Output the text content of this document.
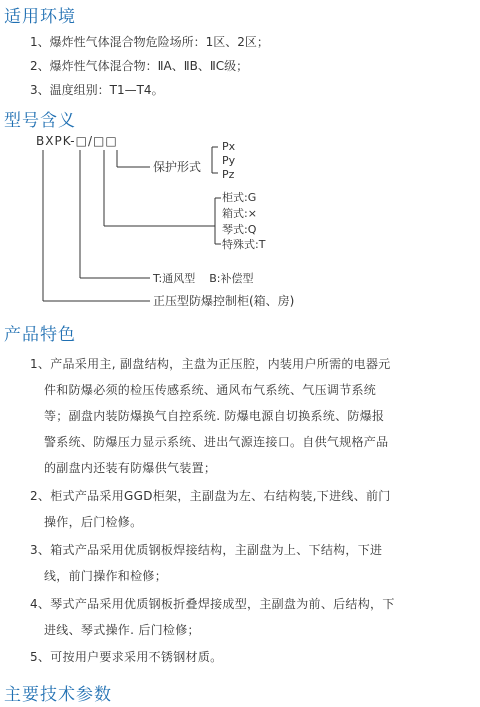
适用环境
1、爆炸性气体混合物危险场所：1区、2区；
2、爆炸性气体混合物：ⅡA、ⅡB、ⅡC级；
3、温度组别：T1—T4。
型号含义
BXPK-□/□□
保护形式
Px
Py
Pz
柜式:G
箱式:×
琴式:Q
特殊式:T
T:通风型    B:补偿型
正压型防爆控制柜(箱、房)
产品特色
1、产品采用主, 副盘结构，主盘为正压腔，内装用户所需的电器元
件和防爆必须的检压传感系统、通风布气系统、气压调节系统
等；副盘内装防爆换气自控系统. 防爆电源自切换系统、防爆报
警系统、防爆压力显示系统、进出气源连接口。自供气规格产品
的副盘内还装有防爆供气装置；
2、柜式产品采用GGD柜架，主副盘为左、右结构装,下进线、前门
操作，后门检修。
3、箱式产品采用优质钢板焊接结构，主副盘为上、下结构，下进
线，前门操作和检修；
4、琴式产品采用优质钢板折叠焊接成型，主副盘为前、后结构，下
进线、琴式操作. 后门检修；
5、可按用户要求采用不锈钢材质。
主要技术参数
